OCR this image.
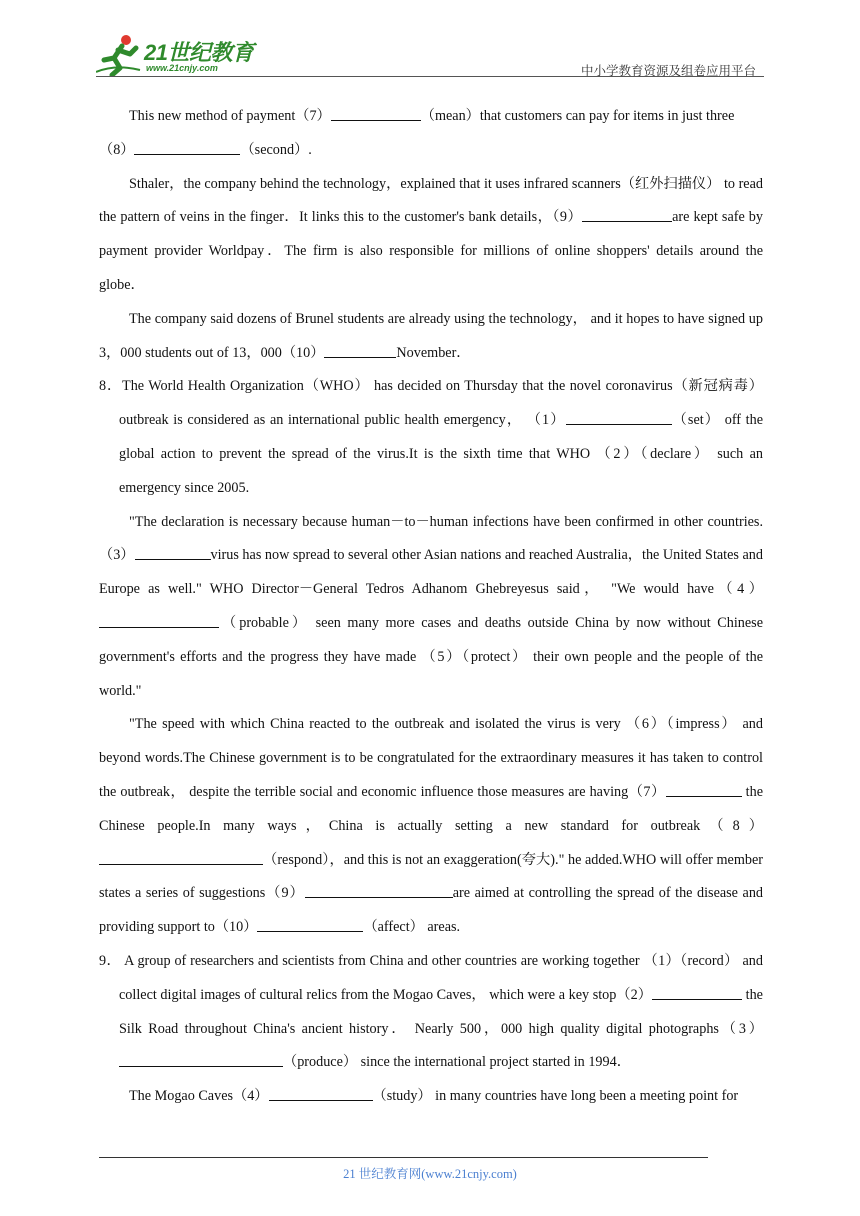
21世纪教育
www.21cnjy.com	中小学教育资源及组卷应用平台

This new method of payment（7）	（mean）that customers can pay for items in just three
（8）	（second）.

Sthaler，the company behind the technology，explained that it uses infrared scanners（红外扫描仪） to read the pattern of veins in the finger．It links this to the customer's bank details，（9）	are kept safe by payment provider Worldpay．The firm is also responsible for millions of online shoppers' details around the globe．

The company said dozens of Brunel students are already using the technology， and it hopes to have signed up 3，000 students out of 13，000（10）	November．

8．The World Health Organization（WHO） has decided on Thursday that the novel coronavirus（新冠病毒）outbreak is considered as an international public health emergency， （1）	（set） off the global action to prevent the spread of the virus.It is the sixth time that WHO （2）（declare） such an emergency since 2005.

"The declaration is necessary because human－to－human infections have been confirmed in other countries. （3）	virus has now spread to several other Asian nations and reached Australia，the United States and Europe as well." WHO Director－General Tedros Adhanom Ghebreyesus said， "We would have（4）（probable） seen many more cases and deaths outside China by now without Chinese government's efforts and the progress they have made （5）（protect） their own people and the people of the world."

"The speed with which China reacted to the outbreak and isolated the virus is very （6）（impress） and beyond words.The Chinese government is to be congratulated for the extraordinary measures it has taken to control the outbreak， despite the terrible social and economic influence those measures are having（7）	the Chinese people.In many ways，China is actually setting a new standard for outbreak（8）（respond），and this is not an exaggeration(夸大)." he added.WHO will offer member states a series of suggestions（9）	are aimed at controlling the spread of the disease and providing support to（10）	（affect） areas.

9． A group of researchers and scientists from China and other countries are working together （1）（record） and collect digital images of cultural relics from the Mogao Caves， which were a key stop（2）	the Silk Road throughout China's ancient history． Nearly 500，000 high quality digital photographs（3）（produce） since the international project started in 1994．

The Mogao Caves（4）	（study） in many countries have long been a meeting point for

21 世纪教育网(www.21cnjy.com)
